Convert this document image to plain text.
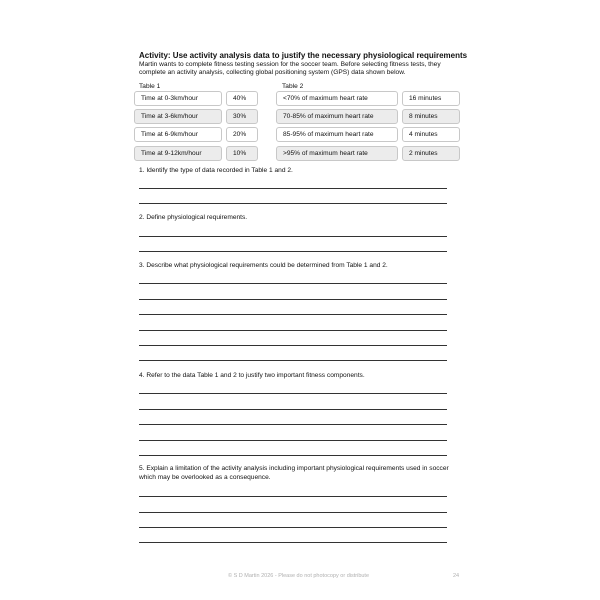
Activity: Use activity analysis data to justify the necessary physiological requirements
Martin wants to complete fitness testing session for the soccer team. Before selecting fitness tests, they complete an activity analysis, collecting global positioning system (GPS) data shown below.
Table 1	Table 2
Time at 0-3km/hour	40%
Time at 3-6km/hour	30%
Time at 6-9km/hour	20%
Time at 9-12km/hour	10%
<70% of maximum heart rate	16 minutes
70-85% of maximum heart rate	8 minutes
85-95% of maximum heart rate	4 minutes
>95% of maximum heart rate	2 minutes
1. Identify the type of data recorded in Table 1 and 2.
2. Define physiological requirements.
3. Describe what physiological requirements could be determined from Table 1 and 2.
4. Refer to the data Table 1 and 2 to justify two important fitness components.
5. Explain a limitation of the activity analysis including important physiological requirements used in soccer which may be overlooked as a consequence.
© S D Martin 2026 - Please do not photocopy or distribute	24
